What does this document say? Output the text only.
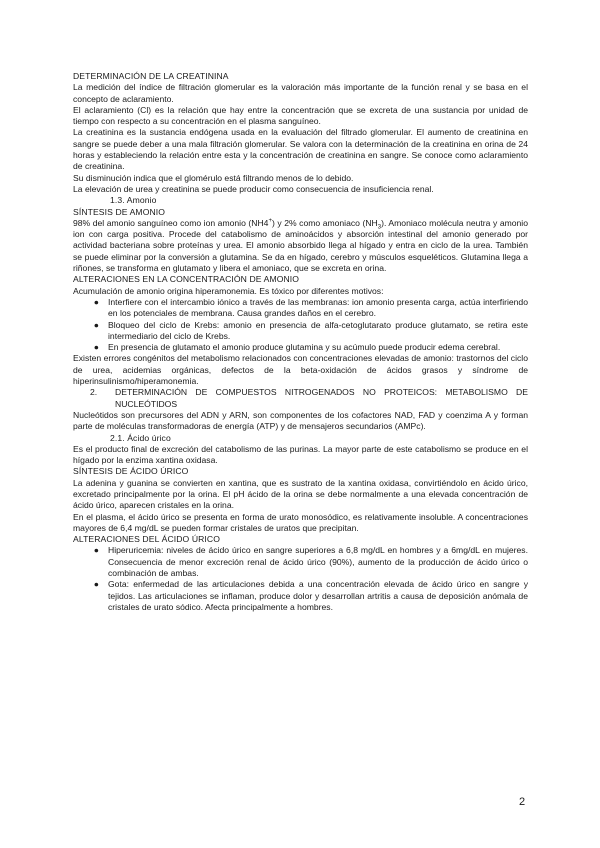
DETERMINACIÓN DE LA CREATININA

La medición del índice de filtración glomerular es la valoración más importante de la función renal y se basa en el concepto de aclaramiento.

El aclaramiento (Cl) es la relación que hay entre la concentración que se excreta de una sustancia por unidad de tiempo con respecto a su concentración en el plasma sanguíneo.

La creatinina es la sustancia endógena usada en la evaluación del filtrado glomerular. El aumento de creatinina en sangre se puede deber a una mala filtración glomerular. Se valora con la determinación de la creatinina en orina de 24 horas y estableciendo la relación entre esta y la concentración de creatinina en sangre. Se conoce como aclaramiento de creatinina.

Su disminución indica que el glomérulo está filtrando menos de lo debido.

La elevación de urea y creatinina se puede producir como consecuencia de insuficiencia renal.

1.3. Amonio

SÍNTESIS DE AMONIO

98% del amonio sanguíneo como ion amonio (NH4+) y 2% como amoniaco $(NH_3)$. Amoniaco molécula neutra y amonio ion con carga positiva. Procede del catabolismo de aminoácidos y absorción intestinal del amonio generado por actividad bacteriana sobre proteínas y urea. El amonio absorbido llega al hígado y entra en ciclo de la urea. También se puede eliminar por la conversión a glutamina. Se da en hígado, cerebro y músculos esqueléticos. Glutamina llega a riñones, se transforma en glutamato y libera el amoniaco, que se excreta en orina.

ALTERACIONES EN LA CONCENTRACIÓN DE AMONIO

Acumulación de amonio origina hiperamonemia. Es tóxico por diferentes motivos:

●	Interfiere con el intercambio iónico a través de las membranas: ion amonio presenta carga, actúa interfiriendo en los potenciales de membrana. Causa grandes daños en el cerebro.
●	Bloqueo del ciclo de Krebs: amonio en presencia de alfa-cetoglutarato produce glutamato, se retira este intermediario del ciclo de Krebs.
●	En presencia de glutamato el amonio produce glutamina y su acúmulo puede producir edema cerebral.

Existen errores congénitos del metabolismo relacionados con concentraciones elevadas de amonio: trastornos del ciclo de urea, acidemias orgánicas, defectos de la beta-oxidación de ácidos grasos y síndrome de hiperinsulinismo/hiperamonemia.

2.	DETERMINACIÓN DE COMPUESTOS NITROGENADOS NO PROTEICOS: METABOLISMO DE NUCLEÓTIDOS

Nucleótidos son precursores del ADN y ARN, son componentes de los cofactores NAD, FAD y coenzima A y forman parte de moléculas transformadoras de energía (ATP) y de mensajeros secundarios (AMPc).

2.1. Ácido úrico

Es el producto final de excreción del catabolismo de las purinas. La mayor parte de este catabolismo se produce en el hígado por la enzima xantina oxidasa.

SÍNTESIS DE ÁCIDO ÚRICO

La adenina y guanina se convierten en xantina, que es sustrato de la xantina oxidasa, convirtiéndolo en ácido úrico, excretado principalmente por la orina. El pH ácido de la orina se debe normalmente a una elevada concentración de ácido úrico, aparecen cristales en la orina.

En el plasma, el ácido úrico se presenta en forma de urato monosódico, es relativamente insoluble. A concentraciones mayores de 6,4 mg/dL se pueden formar cristales de uratos que precipitan.

ALTERACIONES DEL ÁCIDO ÚRICO

●	Hiperuricemia: niveles de ácido úrico en sangre superiores a 6,8 mg/dL en hombres y a 6mg/dL en mujeres. Consecuencia de menor excreción renal de ácido úrico (90%), aumento de la producción de ácido úrico o combinación de ambas.
●	Gota: enfermedad de las articulaciones debida a una concentración elevada de ácido úrico en sangre y tejidos. Las articulaciones se inflaman, produce dolor y desarrollan artritis a causa de deposición anómala de cristales de urato sódico. Afecta principalmente a hombres.
2
